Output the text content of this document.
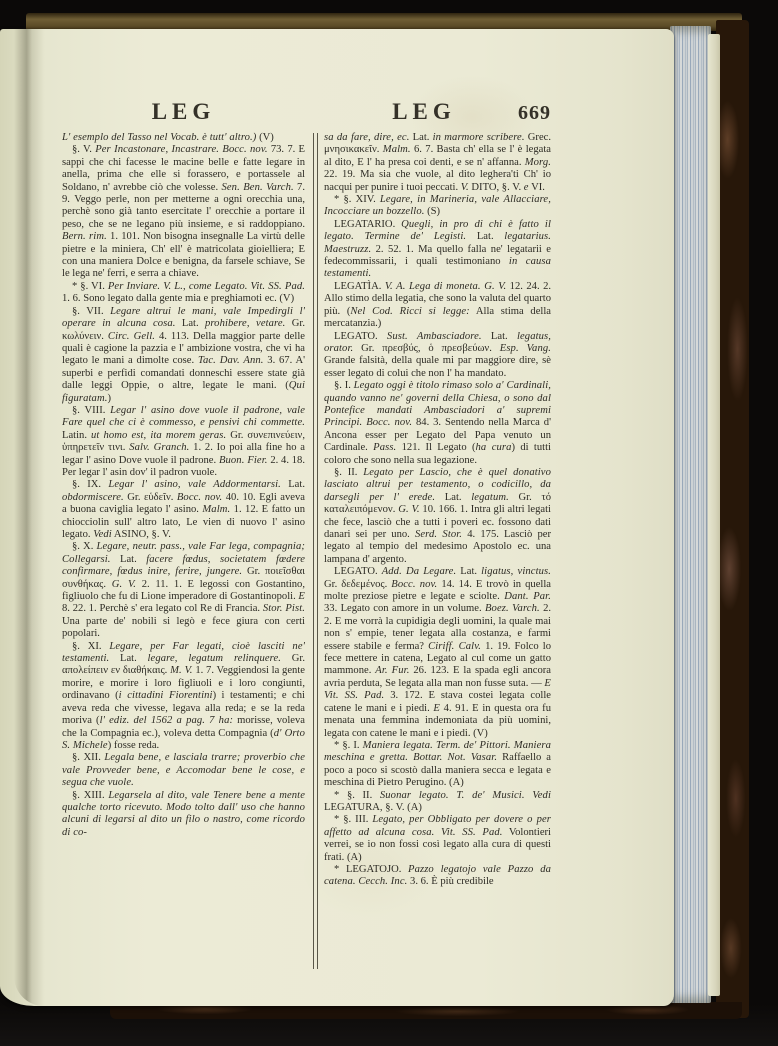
LEG	LEG	669

L' esemplo del Tasso nel Vocab. è tutt' altro.) (V)

§. V. Per Incastonare, Incastrare. Bocc. nov. 73. 7. E sappi che chi facesse le macine belle e fatte legare in anella, prima che elle si forassero, e portassele al Soldano, n' avrebbe ciò che volesse. Sen. Ben. Varch. 7. 9. Veggo perle, non per metterne a ogni orecchia una, perchè sono già tanto esercitate l' orecchie a portare il peso, che se ne legano più insieme, e si raddoppiano. Bern. rim. 1. 101. Non bisogna insegnalle La virtù delle pietre e la miniera, Ch' ell' è matricolata gioielliera; E con una maniera Dolce e benigna, da farsele schiave, Se le lega ne' ferri, e serra a chiave.

* §. VI. Per Inviare. V. L., come Legato. Vit. SS. Pad. 1. 6. Sono legato dalla gente mia e preghiamoti ec. (V)

§. VII. Legare altrui le mani, vale Impedirgli l' operare in alcuna cosa. Lat. prohibere, vetare. Gr. κωλύνειν. Circ. Gell. 4. 113. Della maggior parte delle quali è cagione la pazzia e l' ambizione vostra, che vi ha legato le mani a dimolte cose. Tac. Dav. Ann. 3. 67. A' superbi e perfidi comandati donneschi essere state già dalle leggi Oppie, o altre, legate le mani. (Qui figuratam.)

§. VIII. Legar l' asino dove vuole il padrone, vale Fare quel che ci è commesso, e pensivi chi commette. Latin. ut homo est, ita morem geras. Gr. συνεπινεύειν, ὑπηρετεῖν τινι. Salv. Granch. 1. 2. Io poi alla fine ho a legar l' asino Dove vuole il padrone. Buon. Fier. 2. 4. 18. Per legar l' asin dov' il padron vuole.

§. IX. Legar l' asino, vale Addormentarsi. Lat. obdormiscere. Gr. εὑδεῖν. Bocc. nov. 40. 10. Egli aveva a buona caviglia legato l' asino. Malm. 1. 12. E fatto un chiocciolin sull' altro lato, Le vien di nuovo l' asino legato. Vedi ASINO, §. V.

§. X. Legare, neutr. pass., vale Far lega, compagnia; Collegarsi. Lat. facere fœdus, societatem fœdere confirmare, fœdus inire, ferire, jungere. Gr. ποιεῖσθαι συνθήκας. G. V. 2. 11. 1. E legossi con Gostantino, figliuolo che fu di Lione imperadore di Gostantinopoli. E 8. 22. 1. Perchè s' era legato col Re di Francia. Stor. Pist. Una parte de' nobili si legò e fece giura con certi popolari.

§. XI. Legare, per Far legati, cioè lasciti ne' testamenti. Lat. legare, legatum relinquere. Gr. απολείπειν εν διαθήκαις. M. V. 1. 7. Veggiendosi la gente morire, e morire i loro figliuoli e i loro congiunti, ordinavano (i cittadini Fiorentini) i testamenti; e chi aveva reda che vivesse, legava alla reda; e se la reda moriva (l' ediz. del 1562 a pag. 7 ha: morisse, voleva che la Compagnia ec.), voleva detta Compagnia (d' Orto S. Michele) fosse reda.

§. XII. Legala bene, e lasciala trarre; proverbio che vale Provveder bene, e Accomodar bene le cose, e segua che vuole.

§. XIII. Legarsela al dito, vale Tenere bene a mente qualche torto ricevuto. Modo tolto dall' uso che hanno alcuni di legarsi al dito un filo o nastro, come ricordo di co-

sa da fare, dire, ec. Lat. in marmore scribere. Grec. μνησικακεῖν. Malm. 6. 7. Basta ch' ella se l' è legata al dito, E l' ha presa coi denti, e se n' affanna. Morg. 22. 19. Ma sia che vuole, al dito leghera'ti Ch' io nacqui per punire i tuoi peccati. V. DITO, §. V. e VI.

* §. XIV. Legare, in Marineria, vale Allacciare, Incocciare un bozzello. (S)

LEGATARIO. Quegli, in pro di chi è fatto il legato. Termine de' Legisti. Lat. legatarius. Maestruzz. 2. 52. 1. Ma quello falla ne' legatarii e fedecommissarii, i quali testimoniano in causa testamenti.

LEGATÌA. V. A. Lega di moneta. G. V. 12. 24. 2. Allo stimo della legatia, che sono la valuta del quarto più. (Nel Cod. Ricci si legge: Alla stima della mercatanzia.)

LEGATO. Sust. Ambasciadore. Lat. legatus, orator. Gr. πρεσβύς, ὁ πρεσβεύων. Esp. Vang. Grande falsità, della quale mi par maggiore dire, sè esser legato di colui che non l' ha mandato.

§. I. Legato oggi è titolo rimaso solo a' Cardinali, quando vanno ne' governi della Chiesa, o sono dal Pontefice mandati Ambasciadori a' supremi Principi. Bocc. nov. 84. 3. Sentendo nella Marca d' Ancona esser per Legato del Papa venuto un Cardinale. Pass. 121. Il Legato (ha cura) di tutti coloro che sono nella sua legazione.

§. II. Legato per Lascio, che è quel donativo lasciato altrui per testamento, o codicillo, da darsegli per l' erede. Lat. legatum. Gr. τό καταλειπόμενον. G. V. 10. 166. 1. Intra gli altri legati che fece, lasciò che a tutti i poveri ec. fossono dati danari sei per uno. Serd. Stor. 4. 175. Lasciò per legato al tempio del medesimo Apostolo ec. una lampana d' argento.

LEGATO. Add. Da Legare. Lat. ligatus, vinctus. Gr. δεδεμένος. Bocc. nov. 14. 14. E trovò in quella molte preziose pietre e legate e sciolte. Dant. Par. 33. Legato con amore in un volume. Boez. Varch. 2. 2. E me vorrà la cupidigia degli uomini, la quale mai non s' empie, tener legata alla costanza, e farmi essere stabile e ferma? Ciriff. Calv. 1. 19. Folco lo fece mettere in catena, Legato al cul come un gatto mammone. Ar. Fur. 26. 123. E la spada egli ancora avria perduta, Se legata alla man non fusse suta. — E Vit. SS. Pad. 3. 172. E stava costei legata colle catene le mani e i piedi. E 4. 91. E in questa ora fu menata una femmina indemoniata da più uomini, legata con catene le mani e i piedi. (V)

* §. I. Maniera legata. Term. de' Pittori. Maniera meschina e gretta. Bottar. Not. Vasar. Raffaello a poco a poco si scostò dalla maniera secca e legata e meschina di Pietro Perugino. (A)

* §. II. Suonar legato. T. de' Musici. Vedi LEGATURA, §. V. (A)

* §. III. Legato, per Obbligato per dovere o per affetto ad alcuna cosa. Vit. SS. Pad. Volontieri verrei, se io non fossi così legato alla cura di questi frati. (A)

* LEGATOJO. Pazzo legatojo vale Pazzo da catena. Cecch. Inc. 3. 6. È più credibile
